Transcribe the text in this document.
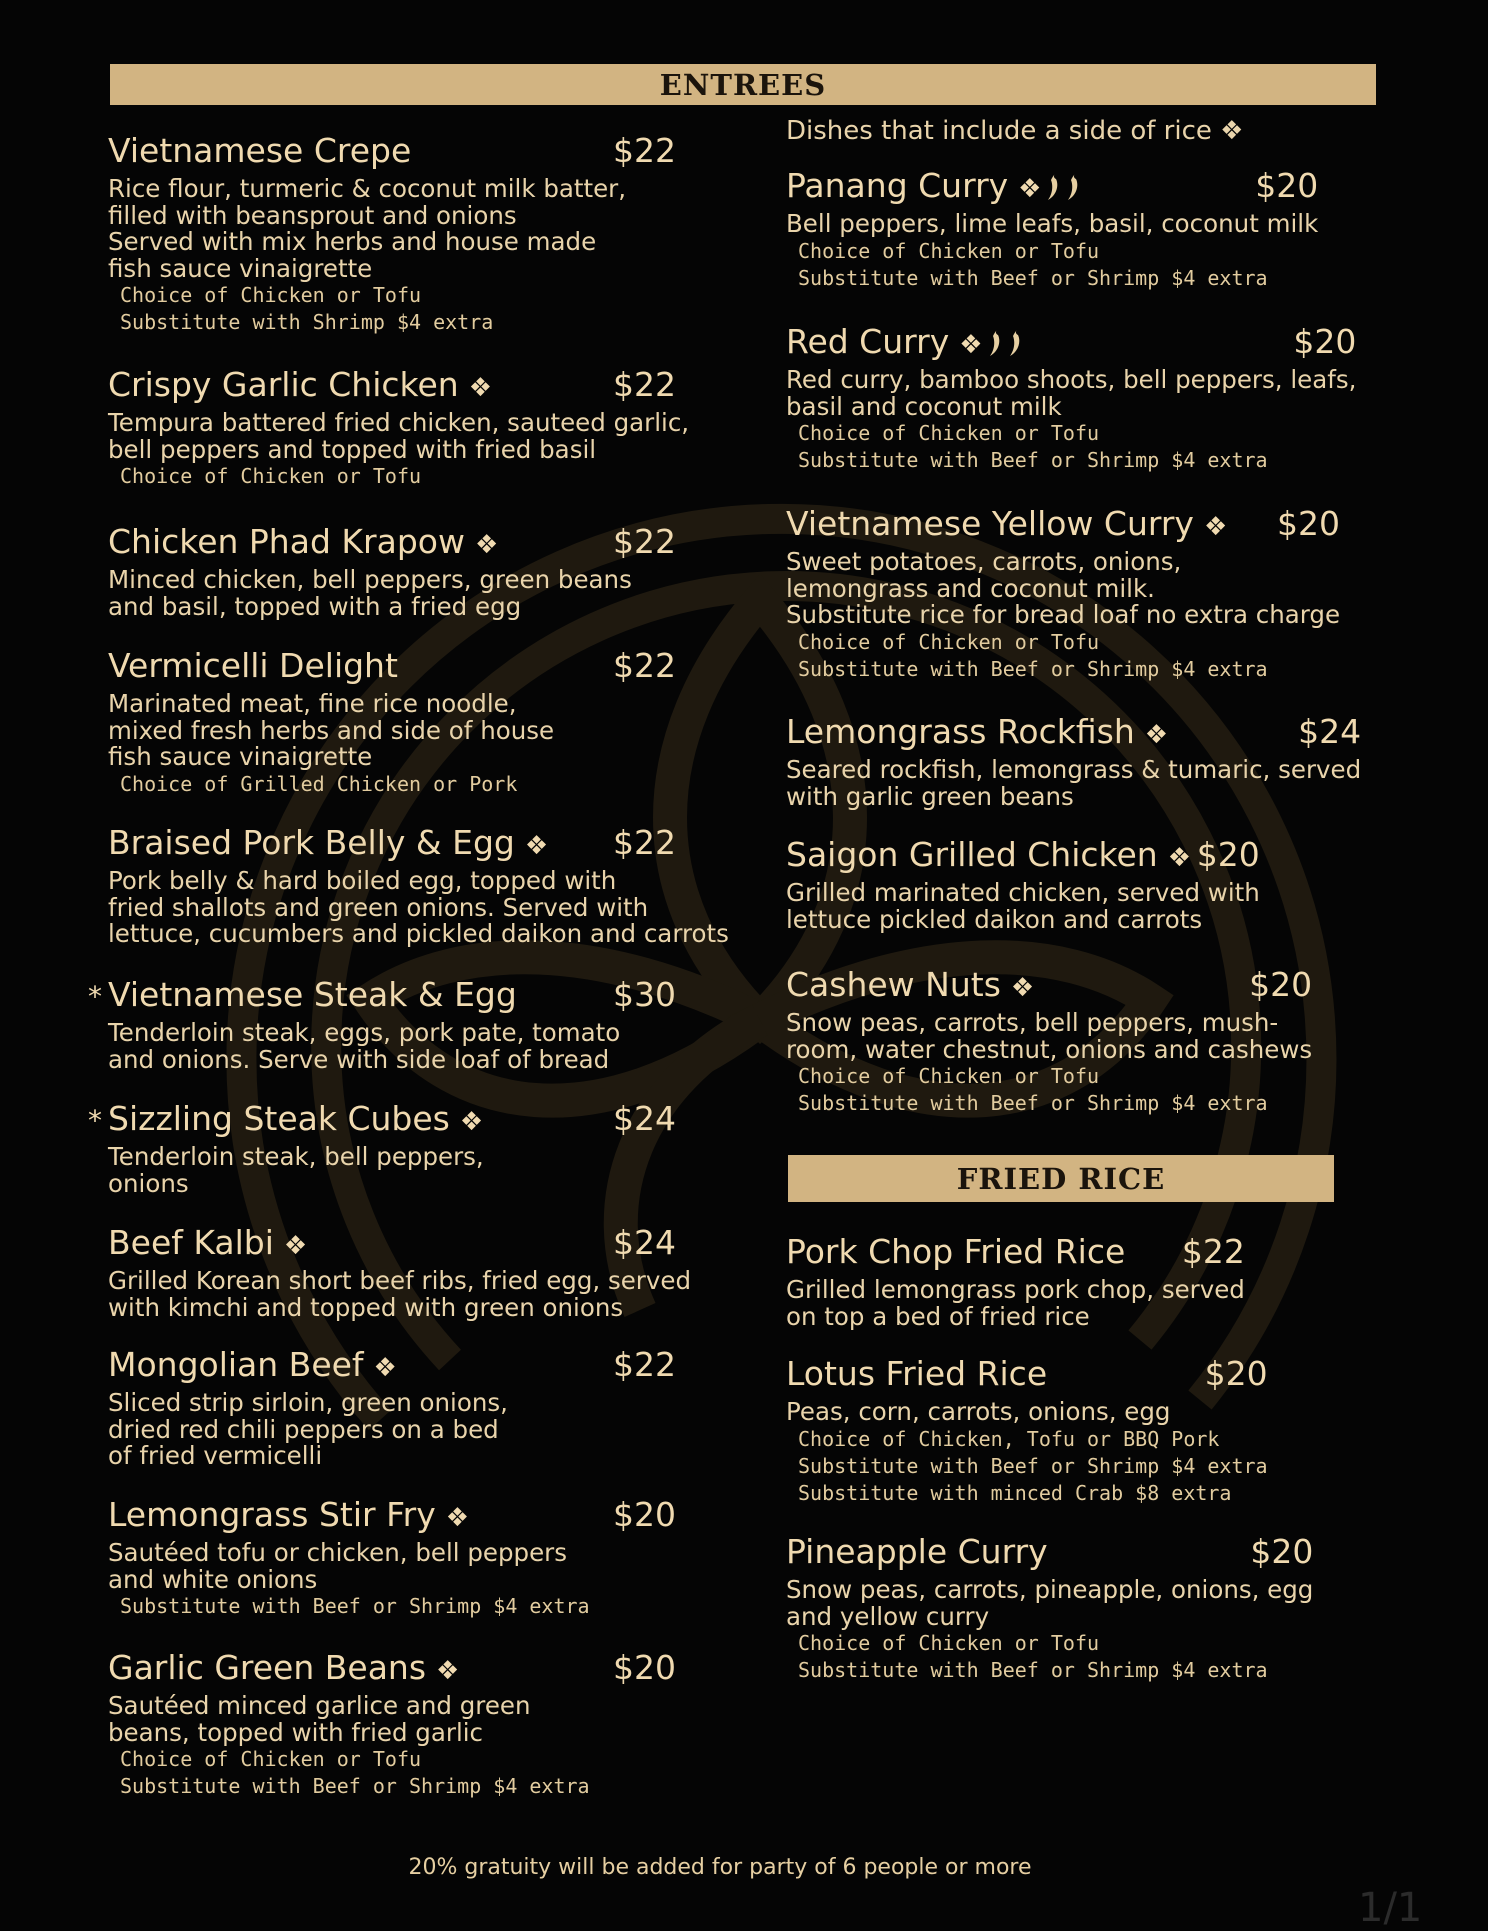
ENTREES
Dishes that include a side of rice ❖
FRIED RICE
Vietnamese Crepe	$22
Rice flour, turmeric & coconut milk batter,
filled with beansprout and onions
Served with mix herbs and house made
fish sauce vinaigrette
Choice of Chicken or Tofu
Substitute with Shrimp $4 extra
Crispy Garlic Chicken ❖	$22
Tempura battered fried chicken, sauteed garlic,
bell peppers and topped with fried basil
Choice of Chicken or Tofu
Chicken Phad Krapow ❖	$22
Minced chicken, bell peppers, green beans
and basil, topped with a fried egg
Vermicelli Delight	$22
Marinated meat, fine rice noodle,
mixed fresh herbs and side of house
fish sauce vinaigrette
Choice of Grilled Chicken or Pork
Braised Pork Belly & Egg ❖ $22
Pork belly & hard boiled egg, topped with
fried shallots and green onions. Served with
lettuce, cucumbers and pickled daikon and carrots
* Vietnamese Steak & Egg	$30
Tenderloin steak, eggs, pork pate, tomato
and onions. Serve with side loaf of bread
* Sizzling Steak Cubes ❖	$24
Tenderloin steak, bell peppers,
onions
Beef Kalbi ❖	$24
Grilled Korean short beef ribs, fried egg, served
with kimchi and topped with green onions
Mongolian Beef ❖	$22
Sliced strip sirloin, green onions,
dried red chili peppers on a bed
of fried vermicelli
Lemongrass Stir Fry ❖	$20
Sautéed tofu or chicken, bell peppers
and white onions
Substitute with Beef or Shrimp $4 extra
Garlic Green Beans ❖	$20
Sautéed minced garlice and green
beans, topped with fried garlic
Choice of Chicken or Tofu
Substitute with Beef or Shrimp $4 extra
Panang Curry ❖	$20
Bell peppers, lime leafs, basil, coconut milk
Choice of Chicken or Tofu
Substitute with Beef or Shrimp $4 extra
Red Curry ❖	$20
Red curry, bamboo shoots, bell peppers, leafs,
basil and coconut milk
Choice of Chicken or Tofu
Substitute with Beef or Shrimp $4 extra
Vietnamese Yellow Curry ❖ $20
Sweet potatoes, carrots, onions,
lemongrass and coconut milk.
Substitute rice for bread loaf no extra charge
Choice of Chicken or Tofu
Substitute with Beef or Shrimp $4 extra
Lemongrass Rockfish ❖	$24
Seared rockfish, lemongrass & tumaric, served
with garlic green beans
Saigon Grilled Chicken ❖ $20
Grilled marinated chicken, served with
lettuce pickled daikon and carrots
Cashew Nuts ❖	$20
Snow peas, carrots, bell peppers, mush-
room, water chestnut, onions and cashews
Choice of Chicken or Tofu
Substitute with Beef or Shrimp $4 extra
Pork Chop Fried Rice $22
Grilled lemongrass pork chop, served
on top a bed of fried rice
Lotus Fried Rice	$20
Peas, corn, carrots, onions, egg
Choice of Chicken, Tofu or BBQ Pork
Substitute with Beef or Shrimp $4 extra
Substitute with minced Crab $8 extra
Pineapple Curry	$20
Snow peas, carrots, pineapple, onions, egg
and yellow curry
Choice of Chicken or Tofu
Substitute with Beef or Shrimp $4 extra
20% gratuity will be added for party of 6 people or more
1/1
